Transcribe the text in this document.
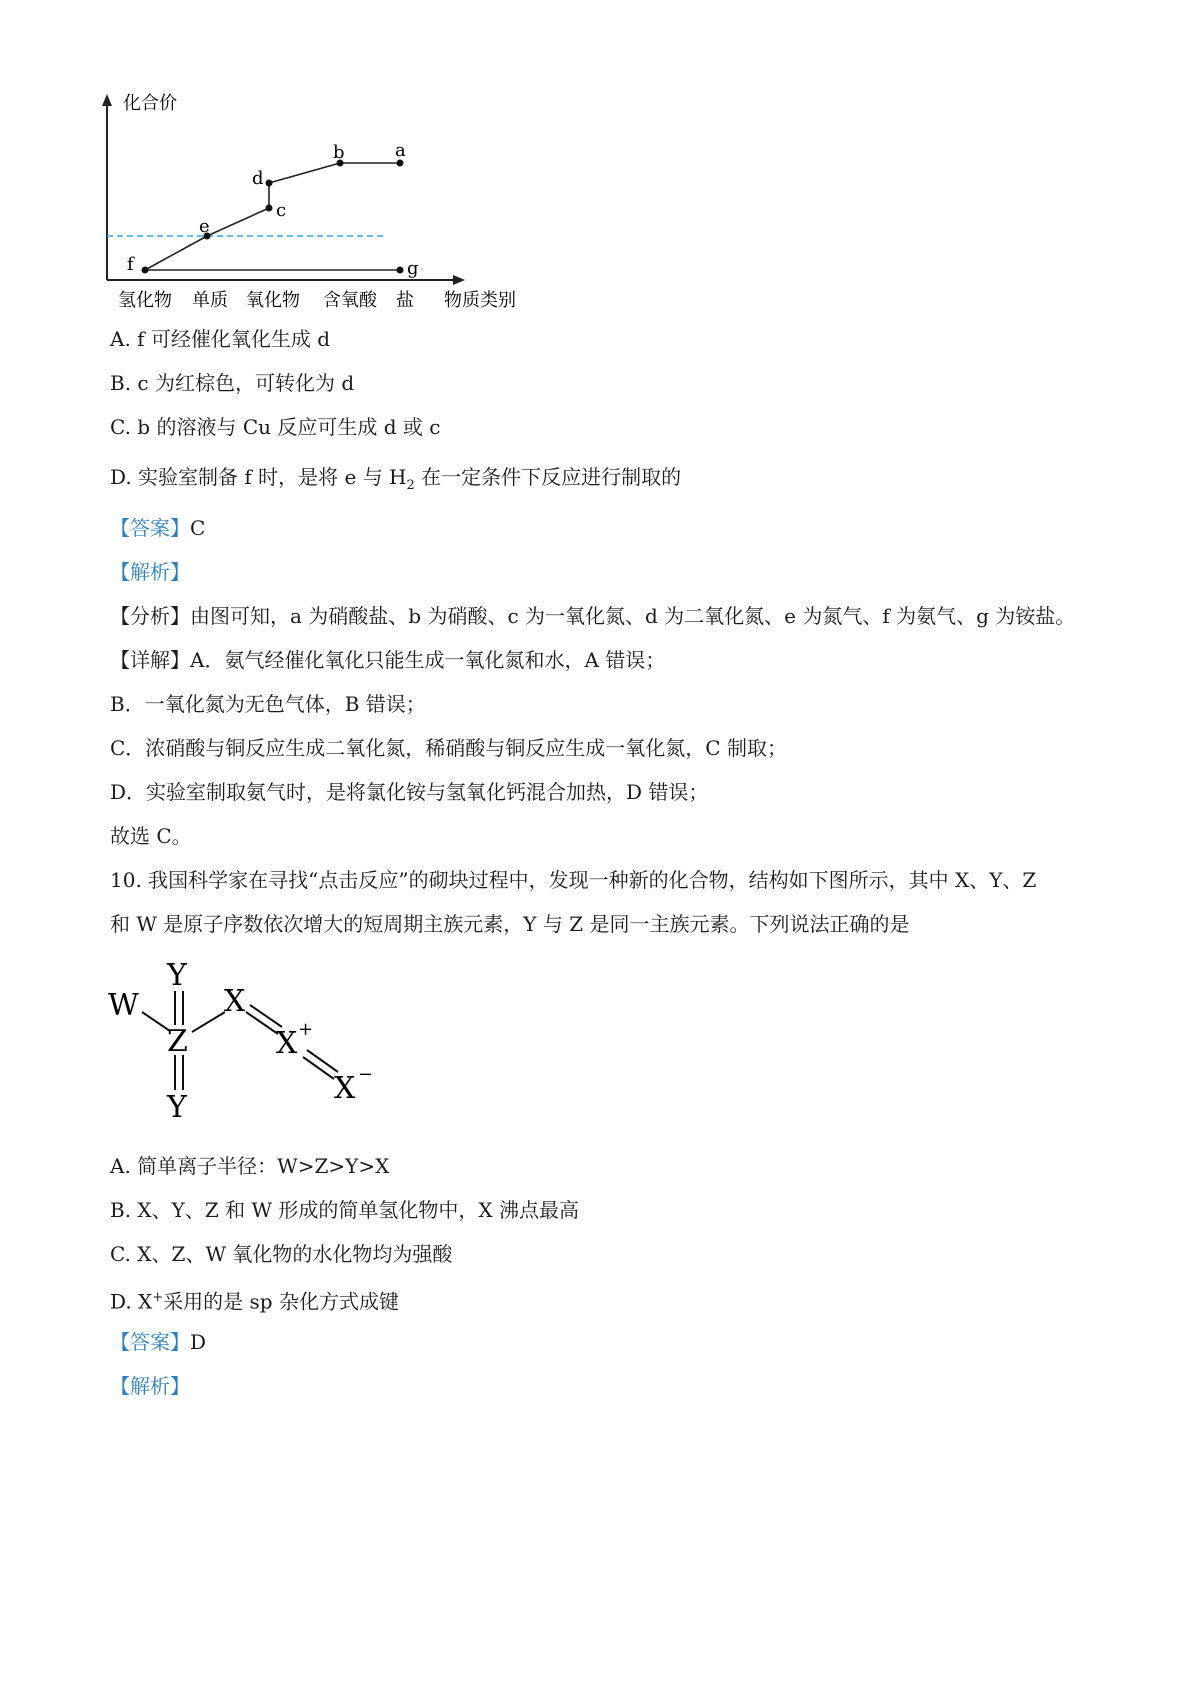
化合价
f
e
c
d
b	a
g
氢化物 单质 氧化物 含氧酸 盐 物质类别
A. f 可经催化氧化生成 d
B. c 为红棕色，可转化为 d
C. b 的溶液与 Cu 反应可生成 d 或 c
D. 实验室制备 f 时，是将 e 与 $H_2$ 在一定条件下反应进行制取的
【答案】C
【解析】
【分析】由图可知，a 为硝酸盐、b 为硝酸、c 为一氧化氮、d 为二氧化氮、e 为氮气、f 为氨气、g 为铵盐。
【详解】A．氨气经催化氧化只能生成一氧化氮和水，A 错误；
B．一氧化氮为无色气体，B 错误；
C．浓硝酸与铜反应生成二氧化氮，稀硝酸与铜反应生成一氧化氮，C 制取；
D．实验室制取氨气时，是将氯化铵与氢氧化钙混合加热，D 错误；
故选 C。
10. 我国科学家在寻找“点击反应”的砌块过程中，发现一种新的化合物，结构如下图所示，其中 X、Y、Z
和 W 是原子序数依次增大的短周期主族元素，Y 与 Z 是同一主族元素。下列说法正确的是
W
Y
Z
Y
X
X +
X −
A. 简单离子半径：W>Z>Y>X
B. X、Y、Z 和 W 形成的简单氢化物中，X 沸点最高
C. X、Z、W 氧化物的水化物均为强酸
D. X+采用的是 sp 杂化方式成键
【答案】D
【解析】
